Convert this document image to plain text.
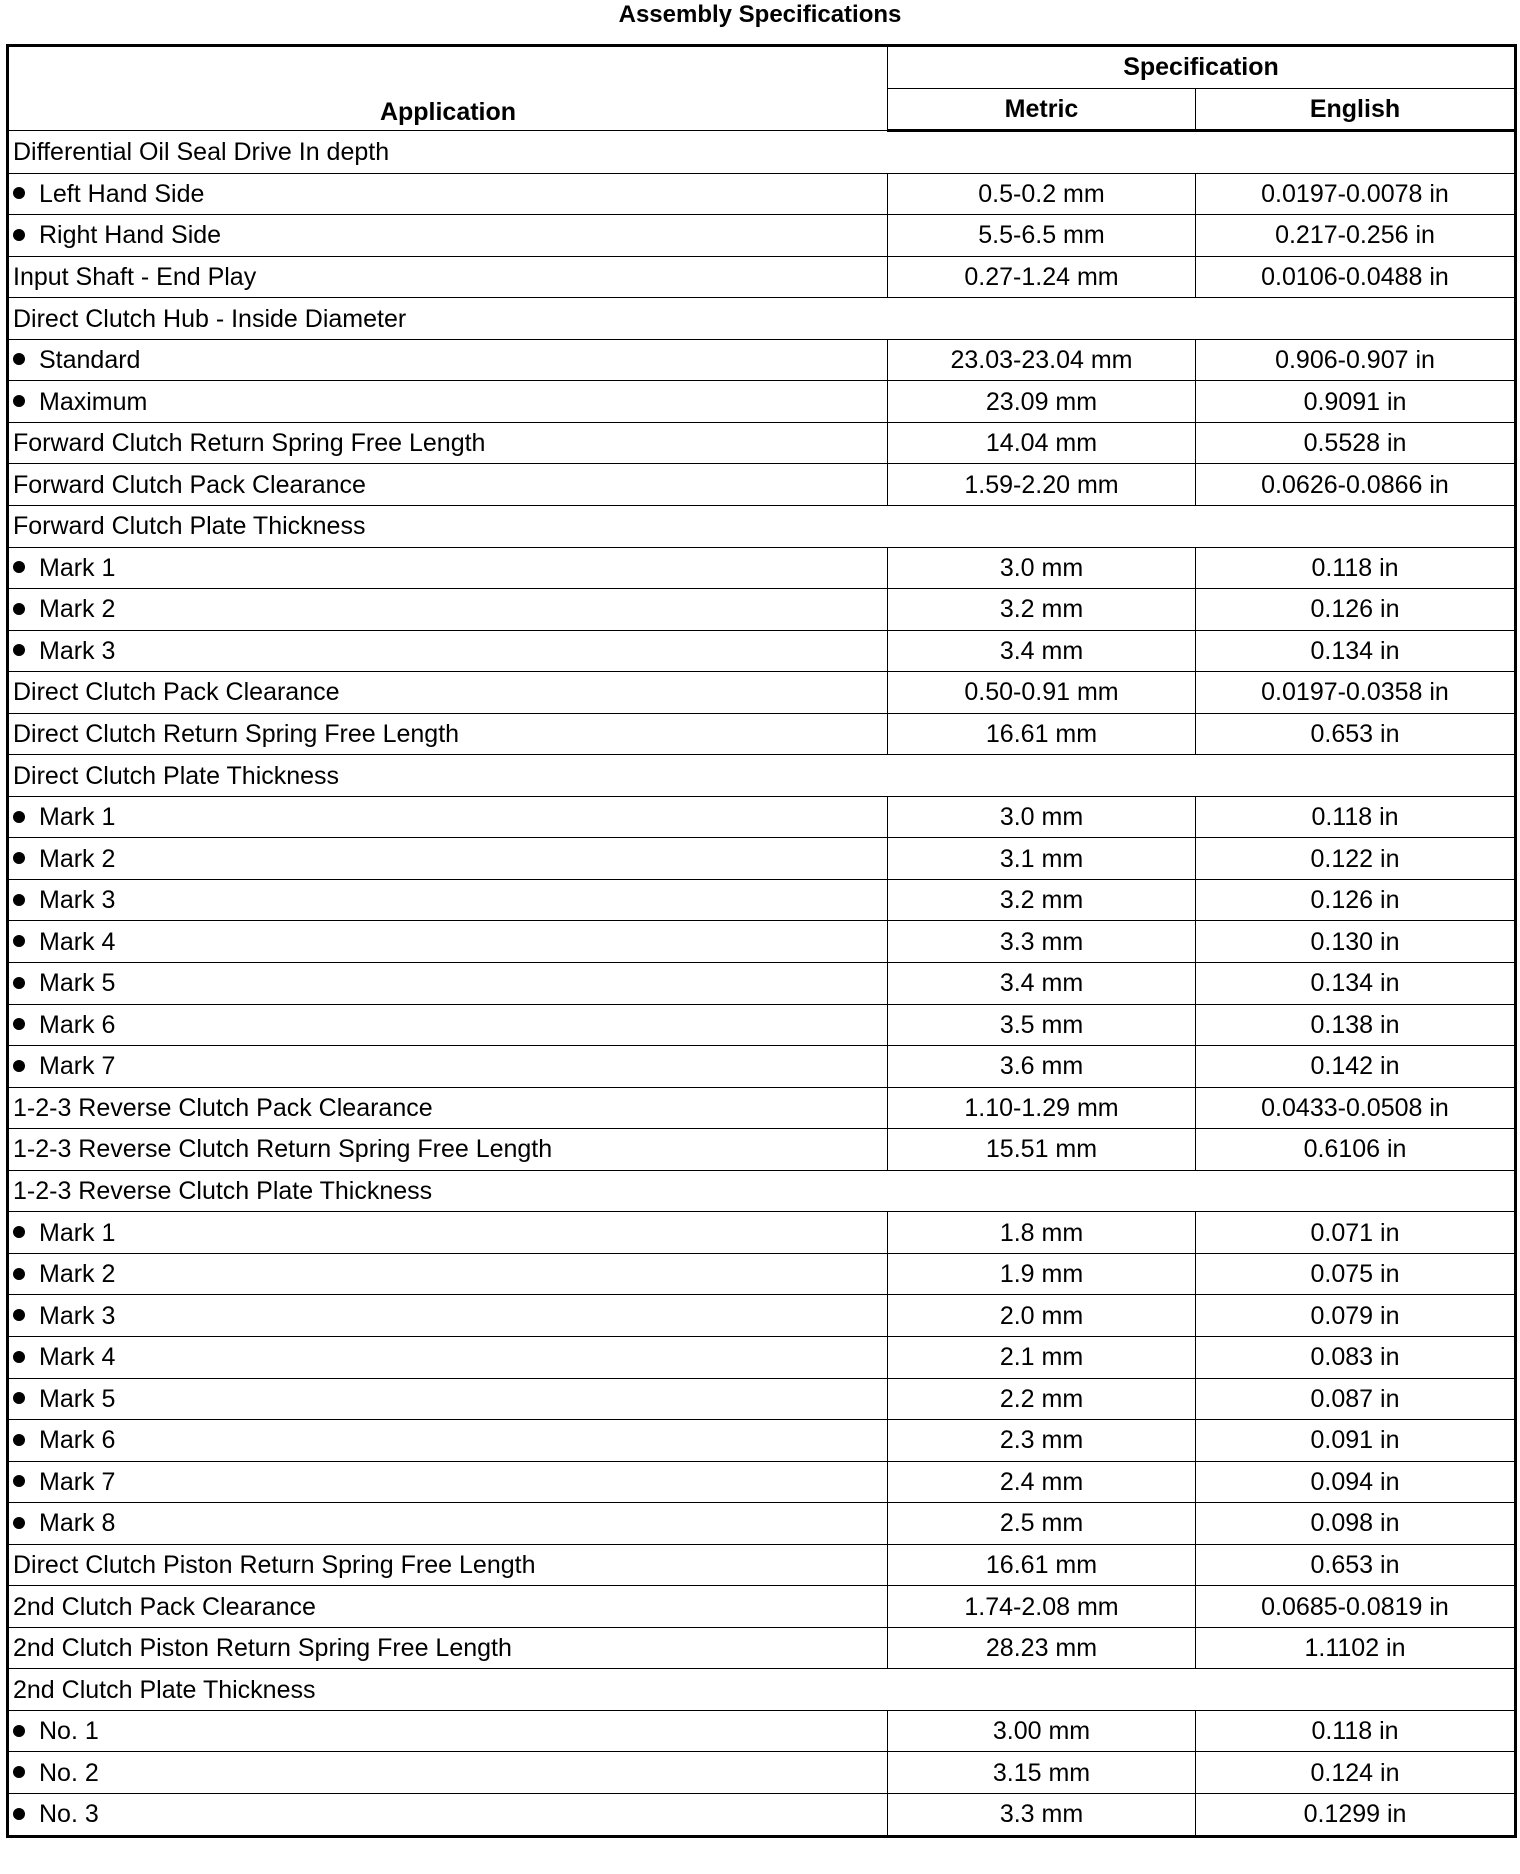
Assembly Specifications
Application	Specification	
	Metric	English
Differential Oil Seal Drive In depth		
Left Hand Side	0.5-0.2 mm	0.0197-0.0078 in
Right Hand Side	5.5-6.5 mm	0.217-0.256 in
Input Shaft - End Play	0.27-1.24 mm	0.0106-0.0488 in
Direct Clutch Hub - Inside Diameter		
Standard	23.03-23.04 mm	0.906-0.907 in
Maximum	23.09 mm	0.9091 in
Forward Clutch Return Spring Free Length	14.04 mm	0.5528 in
Forward Clutch Pack Clearance	1.59-2.20 mm	0.0626-0.0866 in
Forward Clutch Plate Thickness		
Mark 1	3.0 mm	0.118 in
Mark 2	3.2 mm	0.126 in
Mark 3	3.4 mm	0.134 in
Direct Clutch Pack Clearance	0.50-0.91 mm	0.0197-0.0358 in
Direct Clutch Return Spring Free Length	16.61 mm	0.653 in
Direct Clutch Plate Thickness		
Mark 1	3.0 mm	0.118 in
Mark 2	3.1 mm	0.122 in
Mark 3	3.2 mm	0.126 in
Mark 4	3.3 mm	0.130 in
Mark 5	3.4 mm	0.134 in
Mark 6	3.5 mm	0.138 in
Mark 7	3.6 mm	0.142 in
1-2-3 Reverse Clutch Pack Clearance	1.10-1.29 mm	0.0433-0.0508 in
1-2-3 Reverse Clutch Return Spring Free Length	15.51 mm	0.6106 in
1-2-3 Reverse Clutch Plate Thickness		
Mark 1	1.8 mm	0.071 in
Mark 2	1.9 mm	0.075 in
Mark 3	2.0 mm	0.079 in
Mark 4	2.1 mm	0.083 in
Mark 5	2.2 mm	0.087 in
Mark 6	2.3 mm	0.091 in
Mark 7	2.4 mm	0.094 in
Mark 8	2.5 mm	0.098 in
Direct Clutch Piston Return Spring Free Length	16.61 mm	0.653 in
2nd Clutch Pack Clearance	1.74-2.08 mm	0.0685-0.0819 in
2nd Clutch Piston Return Spring Free Length	28.23 mm	1.1102 in
2nd Clutch Plate Thickness		
No. 1	3.00 mm	0.118 in
No. 2	3.15 mm	0.124 in
No. 3	3.3 mm	0.1299 in
